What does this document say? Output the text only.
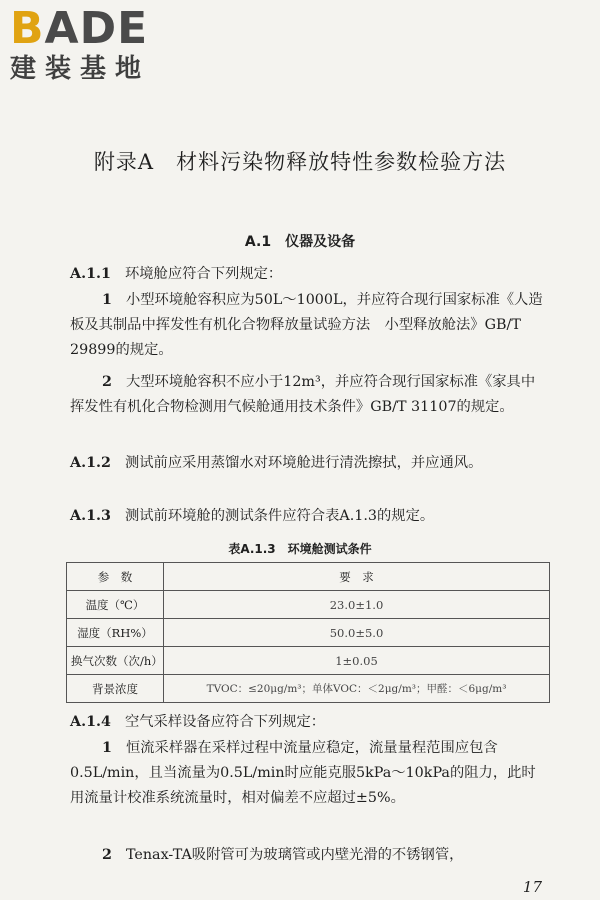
BADE
建装基地
附录A　材料污染物释放特性参数检验方法
A.1　仪器及设备
A.1.1 环境舱应符合下列规定：
1 小型环境舱容积应为50L～1000L，并应符合现行国家标准《人造板及其制品中挥发性有机化合物释放量试验方法　小型释放舱法》GB/T 29899的规定。
2 大型环境舱容积不应小于12m³，并应符合现行国家标准《家具中挥发性有机化合物检测用气候舱通用技术条件》GB/T 31107的规定。
A.1.2 测试前应采用蒸馏水对环境舱进行清洗擦拭，并应通风。
A.1.3 测试前环境舱的测试条件应符合表A.1.3的规定。
表A.1.3　环境舱测试条件
参　数	要　求
温度（℃）	23.0±1.0
湿度（RH%）	50.0±5.0
换气次数（次/h）	1±0.05
背景浓度	TVOC：≤20μg/m³；单体VOC：＜2μg/m³；甲醛：＜6μg/m³
A.1.4 空气采样设备应符合下列规定：
1 恒流采样器在采样过程中流量应稳定，流量量程范围应包含0.5L/min，且当流量为0.5L/min时应能克服5kPa～10kPa的阻力，此时用流量计校准系统流量时，相对偏差不应超过±5%。
2 Tenax-TA吸附管可为玻璃管或内壁光滑的不锈钢管，
17
